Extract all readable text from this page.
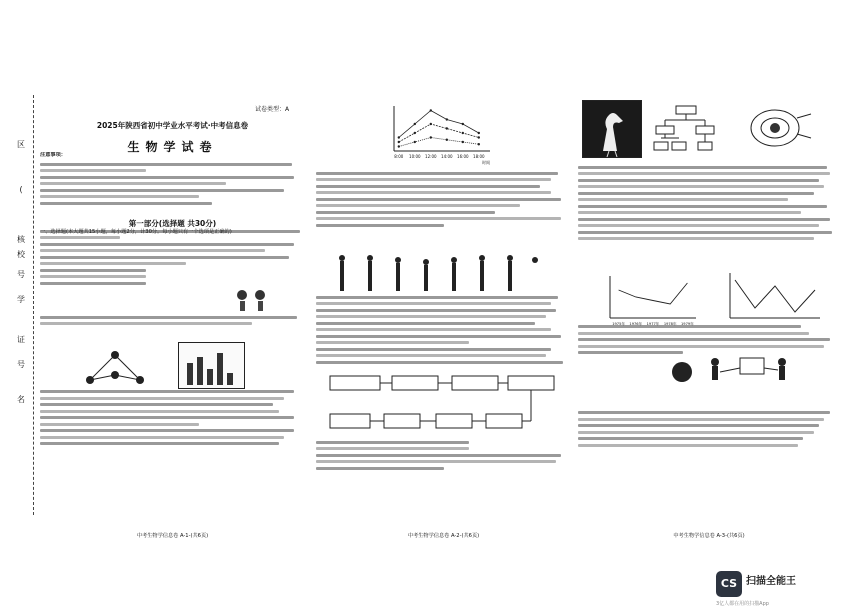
区
(
核
校
号
学
证
号
名
试卷类型：A
2025年陕西省初中学业水平考试·中考信息卷
生物学试卷
注意事项：
第一部分(选择题 共30分)
一、选择题(本大题共15小题，每小题2分，计30分。每小题只有一个选项是正确的)
8:00 10:00 12:00 14:00 16:00 18:00
时间
1975年 1976年 1977年 1978年 1979年
中考生物学信息卷 A-1-(共6页)	中考生物学信息卷 A-2-(共6页)	中考生物学信息卷 A-3-(共6页)
CS 扫描全能王
3亿人都在用的扫描App
